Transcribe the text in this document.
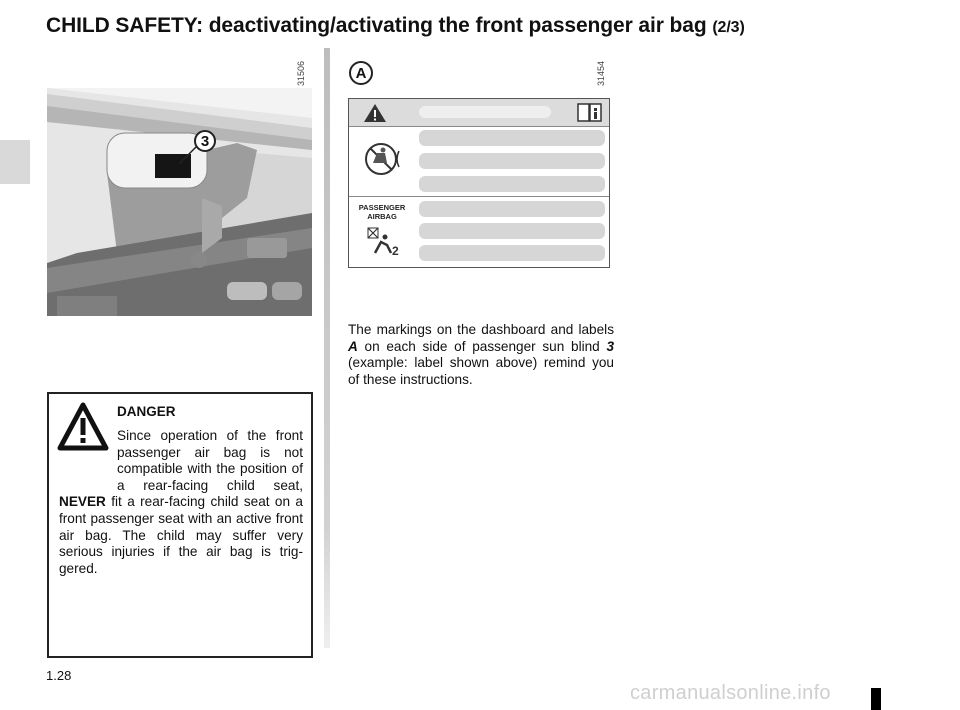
CHILD SAFETY: deactivating/activating the front passenger air bag (2/3)
31506
3
A	31454
PASSENGER
AIRBAG
2
The markings on the dashboard and labels A on each side of passenger sun blind 3 (example: label shown above) remind you of these instructions.
DANGER
Since operation of the front passenger air bag is not compatible with the position of a rear-facing child seat, NEVER fit a rear-facing child seat on a front passenger seat with an active front air bag. The child may suffer very serious injuries if the air bag is trig- gered.
1.28
carmanualsonline.info
